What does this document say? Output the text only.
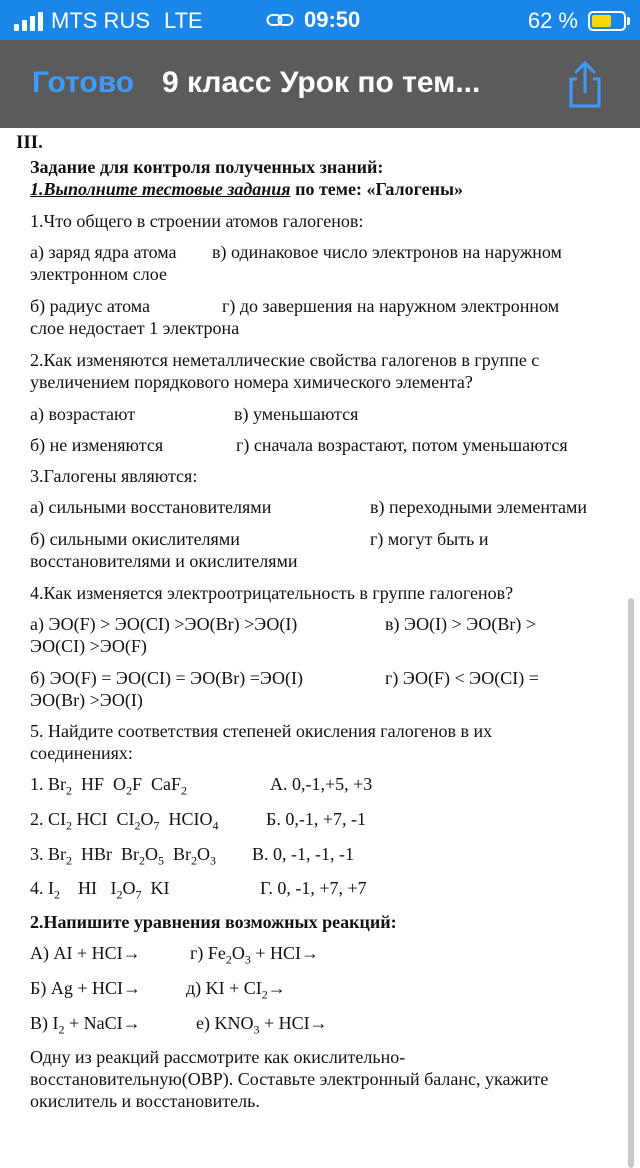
MTS RUS LTE	09:50	62 %
Готово 9 класс Урок по тем...
III.
Задание для контроля полученных знаний:
1.Выполните тестовые задания по теме: «Галогены»
1.Что общего в строении атомов галогенов:
а) заряд ядра атома в) одинаковое число электронов на наружном
электронном слое
б) радиус атома	г) до завершения на наружном электронном
слое недостает 1 электрона
2.Как изменяются неметаллические свойства галогенов в группе с
увеличением порядкового номера химического элемента?
а) возрастают	в) уменьшаются
б) не изменяются	г) сначала возрастают, потом уменьшаются
3.Галогены являются:
а) сильными восстановителями	в) переходными элементами
б) сильными окислителями	г) могут быть и
восстановителями и окислителями
4.Как изменяется электроотрицательность в группе галогенов?
а) ЭО(F) > ЭО(CI) >ЭО(Br) >ЭО(I)	в) ЭО(I) > ЭО(Br) >
ЭО(CI) >ЭО(F)
б) ЭО(F) = ЭО(CI) = ЭО(Br) =ЭО(I)	г) ЭО(F) < ЭО(CI) =
ЭО(Br) >ЭО(I)
5. Найдите соответствия степеней окисления галогенов в их
соединениях:
1. $Br_2$  HF  $O_2F$  CaF$_2$	А. 0,-1,+5, +3
2. $CI_2$ HCI  $CI_2O_7$  $HCIO_4$	Б. 0,-1, +7, -1
3. $Br_2$  HBr  $Br_2O_5$  $Br_2O_3$ В. 0, -1, -1, -1
4. $I_2$    HI   $I_2O_7$  KI	Г. 0, -1, +7, +7
2.Напишите уравнения возможных реакций:
А) AI + HCI→	г) $Fe_2O_3 + HCI\to$
Б) Ag + HCI→	д) KI + $CI_2\to$
В) $I_2$ + NaCI→	е) $KNO_3 + HCI\to$
Одну из реакций рассмотрите как окислительно-
восстановительную(ОВР). Составьте электронный баланс, укажите
окислитель и восстановитель.
